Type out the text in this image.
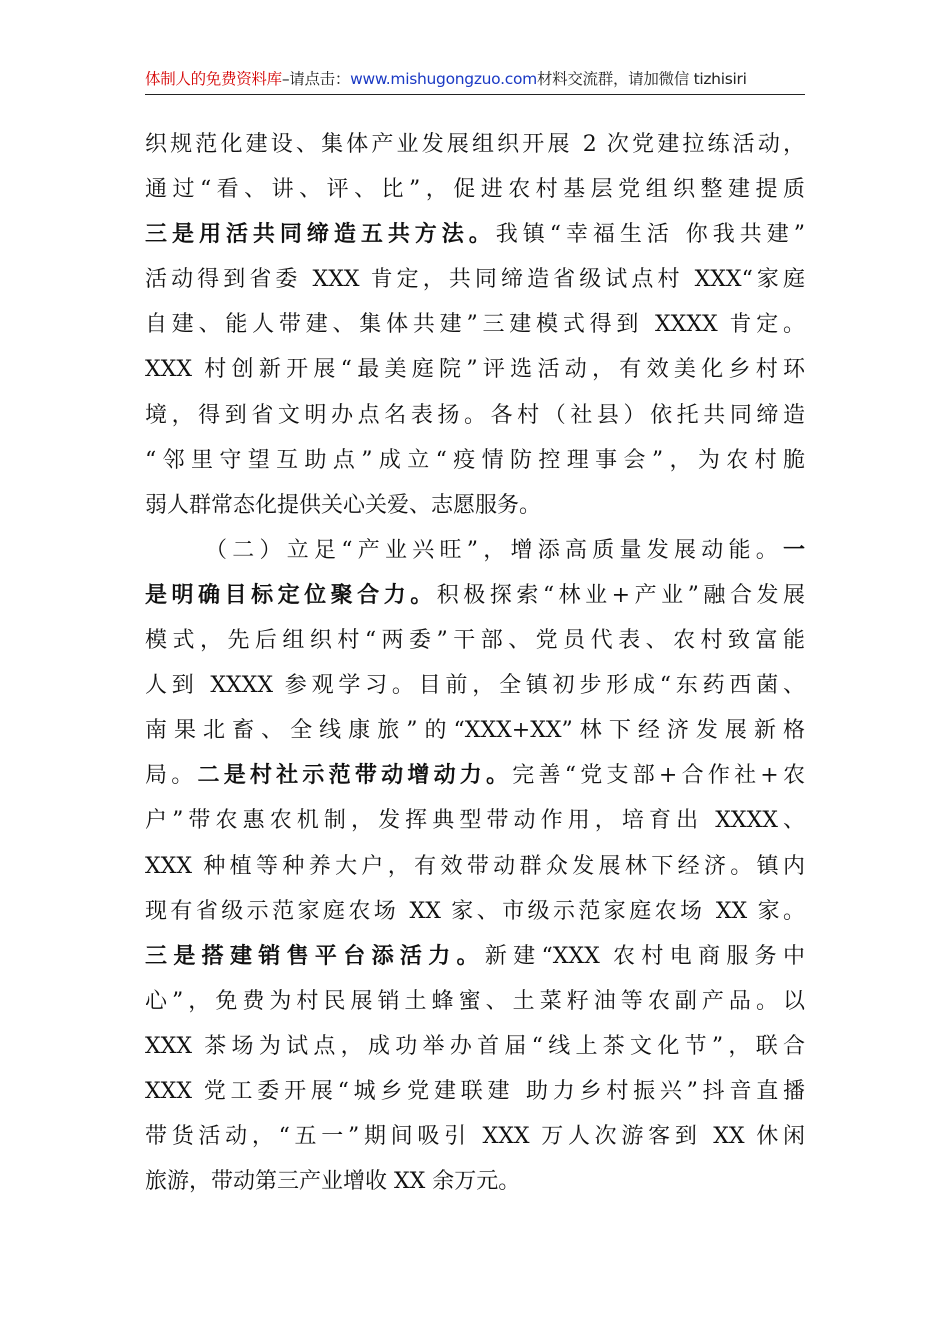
体制人的免费资料库–请点击：www.mishugongzuo.com材料交流群，请加微信 tizhisiri
织规范化建设、集体产业发展组织开展 2 次党建拉练活动，
通过“看、讲、评、比”，促进农村基层党组织整建提质
三是用活共同缔造五共方法。我镇“幸福生活 你我共建”
活动得到省委 XXX 肯定，共同缔造省级试点村 XXX“家庭
自建、能人带建、集体共建”三建模式得到 XXXX 肯定。
XXX 村创新开展“最美庭院”评选活动，有效美化乡村环
境，得到省文明办点名表扬。各村（社县）依托共同缔造
“邻里守望互助点”成立“疫情防控理事会”，为农村脆
弱人群常态化提供关心关爱、志愿服务。
（二）立足“产业兴旺”，增添高质量发展动能。一
是明确目标定位聚合力。积极探索“林业+产业”融合发展
模式，先后组织村“两委”干部、党员代表、农村致富能
人到 XXXX 参观学习。目前，全镇初步形成“东药西菌、
南果北畜、全线康旅”的“XXX+XX”林下经济发展新格
局。二是村社示范带动增动力。完善“党支部+合作社+农
户”带农惠农机制，发挥典型带动作用，培育出 XXXX、
XXX 种植等种养大户，有效带动群众发展林下经济。镇内
现有省级示范家庭农场 XX 家、市级示范家庭农场 XX 家。
三是搭建销售平台添活力。新建“XXX 农村电商服务中
心”，免费为村民展销土蜂蜜、土菜籽油等农副产品。以
XXX 茶场为试点，成功举办首届“线上茶文化节”，联合
XXX 党工委开展“城乡党建联建 助力乡村振兴”抖音直播
带货活动，“五一”期间吸引 XXX 万人次游客到 XX 休闲
旅游，带动第三产业增收 XX 余万元。
